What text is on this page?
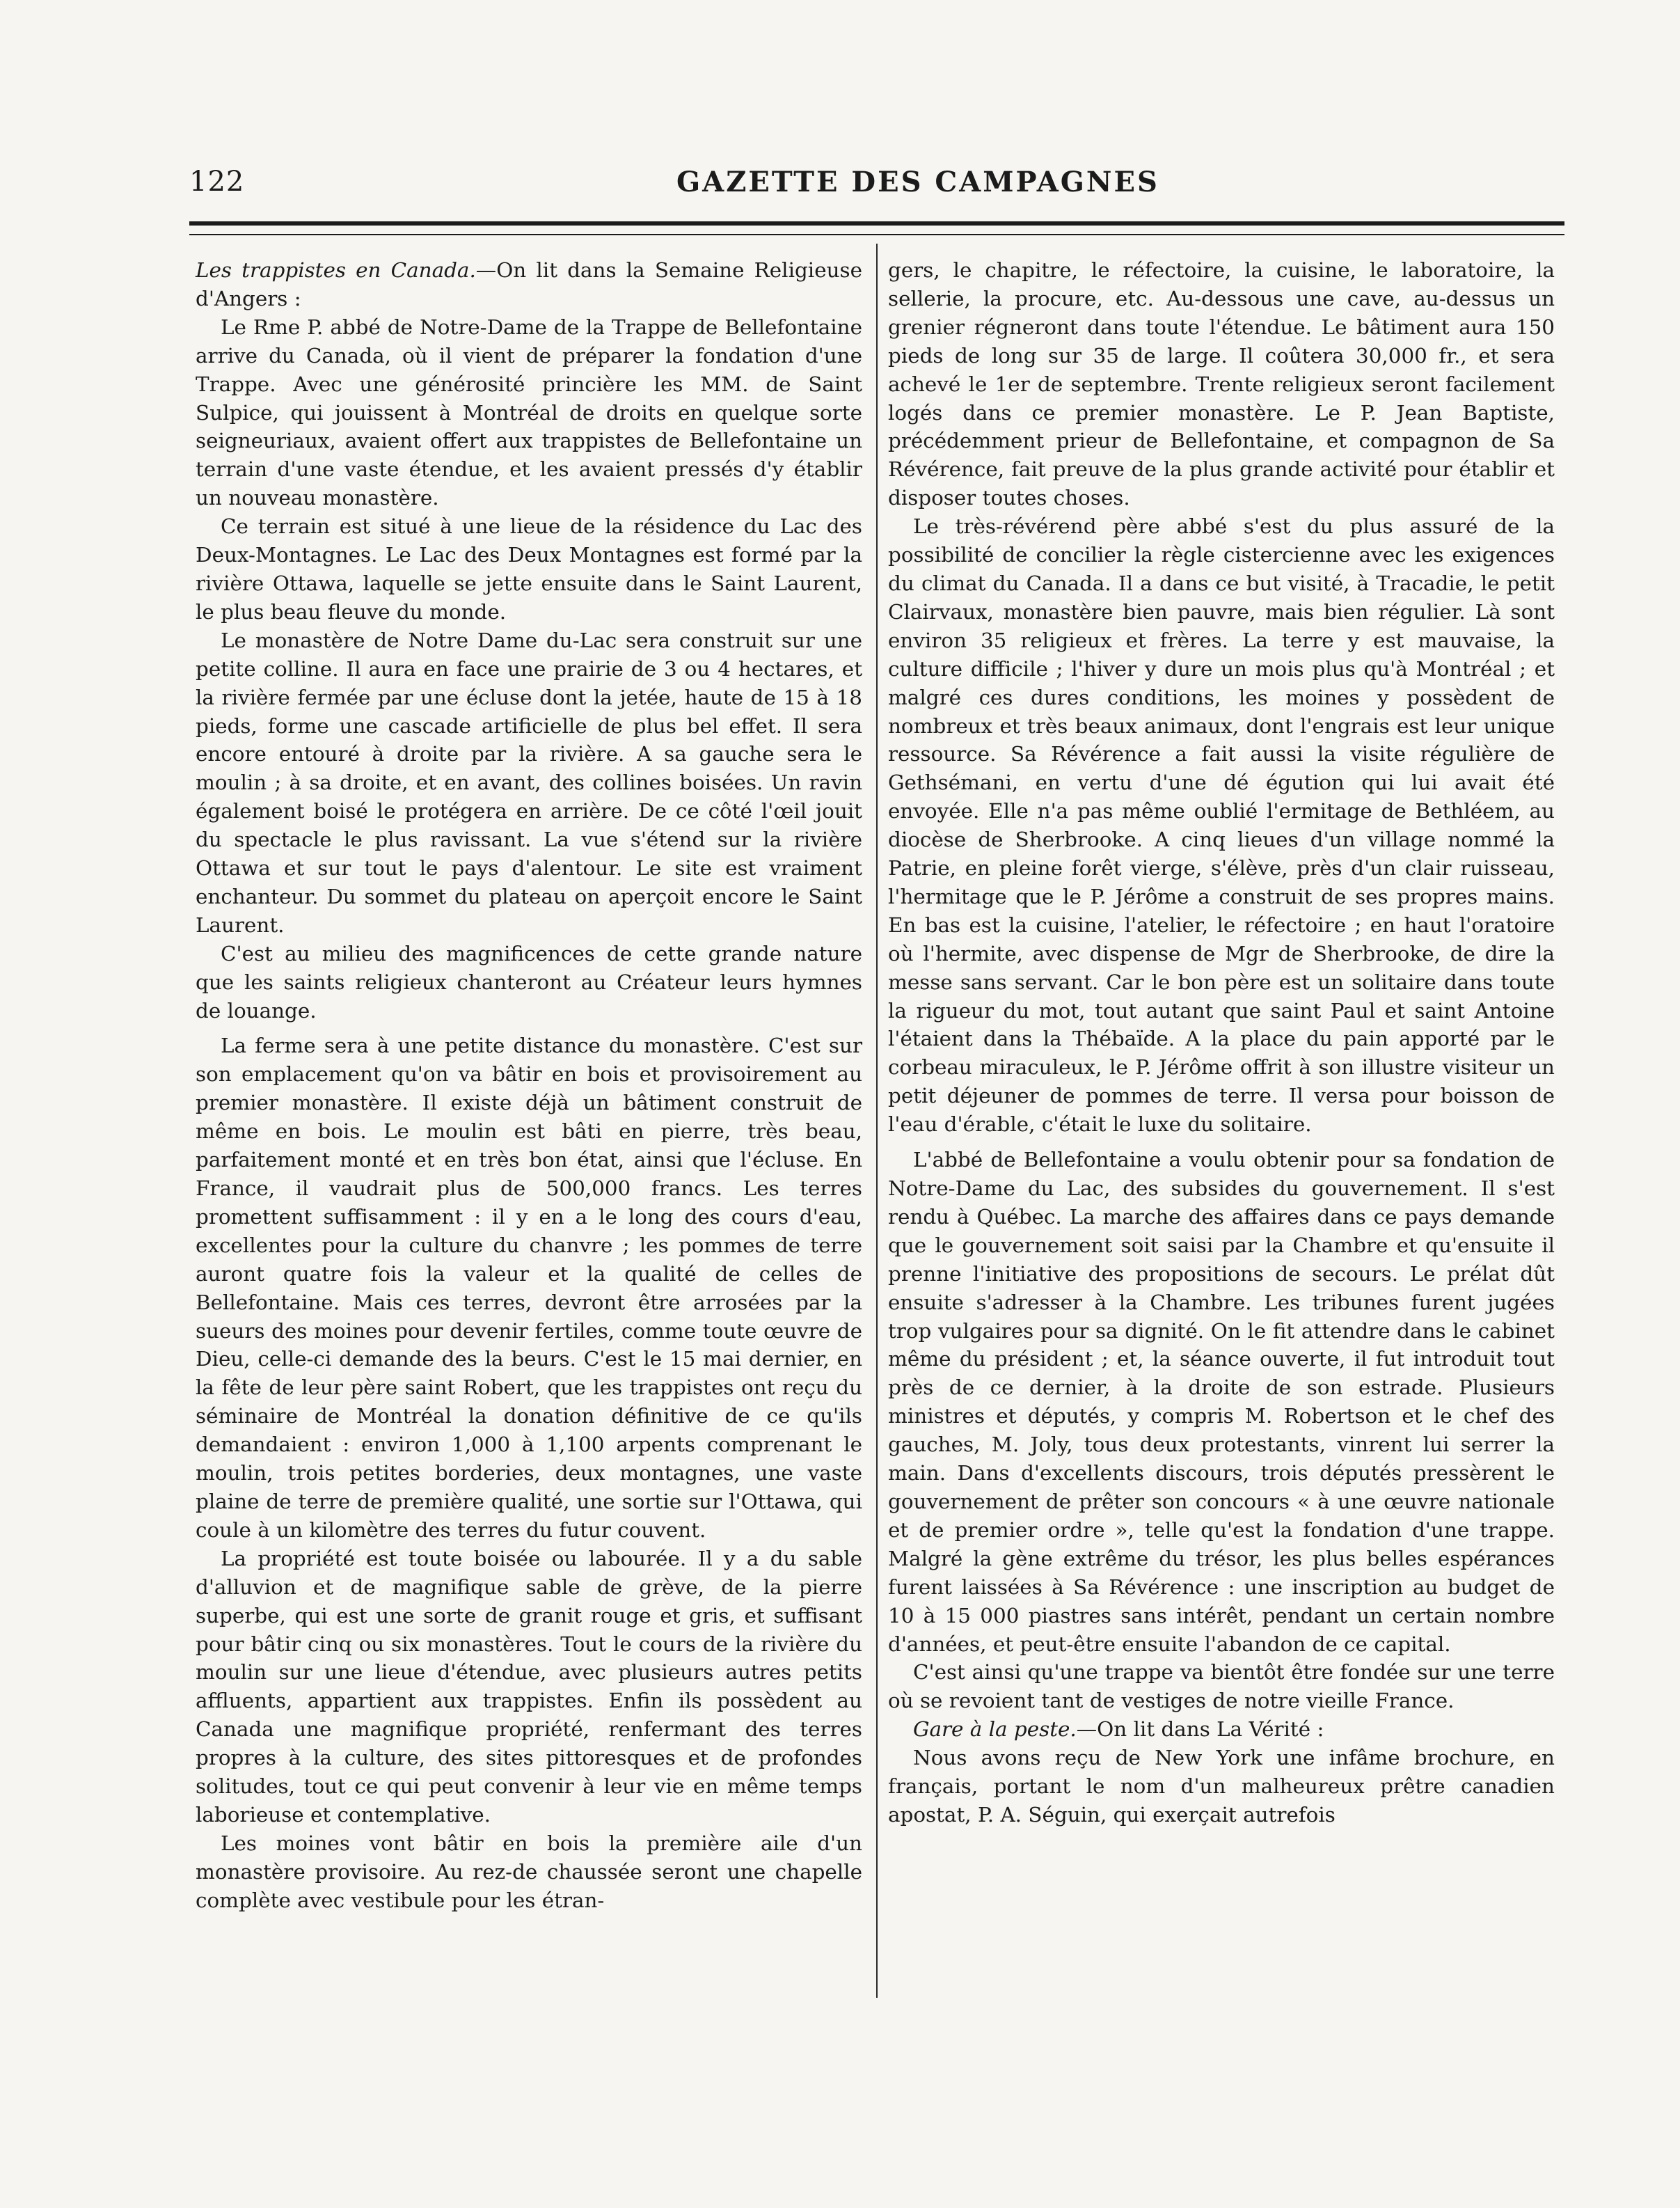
122	GAZETTE DES CAMPAGNES

Les trappistes en Canada.—On lit dans la Semaine Religieuse d'Angers :

Le Rme P. abbé de Notre-Dame de la Trappe de Bellefontaine arrive du Canada, où il vient de préparer la fondation d'une Trappe. Avec une générosité princière les MM. de Saint Sulpice, qui jouissent à Montréal de droits en quelque sorte seigneuriaux, avaient offert aux trappistes de Bellefontaine un terrain d'une vaste étendue, et les avaient pressés d'y établir un nouveau monastère.

Ce terrain est situé à une lieue de la résidence du Lac des Deux-Montagnes. Le Lac des Deux Montagnes est formé par la rivière Ottawa, laquelle se jette ensuite dans le Saint Laurent, le plus beau fleuve du monde.

Le monastère de Notre Dame du-Lac sera construit sur une petite colline. Il aura en face une prairie de 3 ou 4 hectares, et la rivière fermée par une écluse dont la jetée, haute de 15 à 18 pieds, forme une cascade artificielle de plus bel effet. Il sera encore entouré à droite par la rivière. A sa gauche sera le moulin ; à sa droite, et en avant, des collines boisées. Un ravin également boisé le protégera en arrière. De ce côté l'œil jouit du spectacle le plus ravissant. La vue s'étend sur la rivière Ottawa et sur tout le pays d'alentour. Le site est vraiment enchanteur. Du sommet du plateau on aperçoit encore le Saint Laurent.

C'est au milieu des magnificences de cette grande nature que les saints religieux chanteront au Créateur leurs hymnes de louange.

La ferme sera à une petite distance du monastère. C'est sur son emplacement qu'on va bâtir en bois et provisoirement au premier monastère. Il existe déjà un bâtiment construit de même en bois. Le moulin est bâti en pierre, très beau, parfaitement monté et en très bon état, ainsi que l'écluse. En France, il vaudrait plus de 500,000 francs. Les terres promettent suffisamment : il y en a le long des cours d'eau, excellentes pour la culture du chanvre ; les pommes de terre auront quatre fois la valeur et la qualité de celles de Bellefontaine. Mais ces terres, devront être arrosées par la sueurs des moines pour devenir fertiles, comme toute œuvre de Dieu, celle-ci demande des la beurs. C'est le 15 mai dernier, en la fête de leur père saint Robert, que les trappistes ont reçu du séminaire de Montréal la donation définitive de ce qu'ils demandaient : environ 1,000 à 1,100 arpents comprenant le moulin, trois petites borderies, deux montagnes, une vaste plaine de terre de première qualité, une sortie sur l'Ottawa, qui coule à un kilomètre des terres du futur couvent.

La propriété est toute boisée ou labourée. Il y a du sable d'alluvion et de magnifique sable de grève, de la pierre superbe, qui est une sorte de granit rouge et gris, et suffisant pour bâtir cinq ou six monastères. Tout le cours de la rivière du moulin sur une lieue d'étendue, avec plusieurs autres petits affluents, appartient aux trappistes. Enfin ils possèdent au Canada une magnifique propriété, renfermant des terres propres à la culture, des sites pittoresques et de profondes solitudes, tout ce qui peut convenir à leur vie en même temps laborieuse et contemplative.

Les moines vont bâtir en bois la première aile d'un monastère provisoire. Au rez-de chaussée seront une chapelle complète avec vestibule pour les étran-

gers, le chapitre, le réfectoire, la cuisine, le laboratoire, la sellerie, la procure, etc. Au-dessous une cave, au-dessus un grenier régneront dans toute l'étendue. Le bâtiment aura 150 pieds de long sur 35 de large. Il coûtera 30,000 fr., et sera achevé le 1er de septembre. Trente religieux seront facilement logés dans ce premier monastère. Le P. Jean Baptiste, précédemment prieur de Bellefontaine, et compagnon de Sa Révérence, fait preuve de la plus grande activité pour établir et disposer toutes choses.

Le très-révérend père abbé s'est du plus assuré de la possibilité de concilier la règle cistercienne avec les exigences du climat du Canada. Il a dans ce but visité, à Tracadie, le petit Clairvaux, monastère bien pauvre, mais bien régulier. Là sont environ 35 religieux et frères. La terre y est mauvaise, la culture difficile ; l'hiver y dure un mois plus qu'à Montréal ; et malgré ces dures conditions, les moines y possèdent de nombreux et très beaux animaux, dont l'engrais est leur unique ressource. Sa Révérence a fait aussi la visite régulière de Gethsémani, en vertu d'une dé égution qui lui avait été envoyée. Elle n'a pas même oublié l'ermitage de Bethléem, au diocèse de Sherbrooke. A cinq lieues d'un village nommé la Patrie, en pleine forêt vierge, s'élève, près d'un clair ruisseau, l'hermitage que le P. Jérôme a construit de ses propres mains. En bas est la cuisine, l'atelier, le réfectoire ; en haut l'oratoire où l'hermite, avec dispense de Mgr de Sherbrooke, de dire la messe sans servant. Car le bon père est un solitaire dans toute la rigueur du mot, tout autant que saint Paul et saint Antoine l'étaient dans la Thébaïde. A la place du pain apporté par le corbeau miraculeux, le P. Jérôme offrit à son illustre visiteur un petit déjeuner de pommes de terre. Il versa pour boisson de l'eau d'érable, c'était le luxe du solitaire.

L'abbé de Bellefontaine a voulu obtenir pour sa fondation de Notre-Dame du Lac, des subsides du gouvernement. Il s'est rendu à Québec. La marche des affaires dans ce pays demande que le gouvernement soit saisi par la Chambre et qu'ensuite il prenne l'initiative des propositions de secours. Le prélat dût ensuite s'adresser à la Chambre. Les tribunes furent jugées trop vulgaires pour sa dignité. On le fit attendre dans le cabinet même du président ; et, la séance ouverte, il fut introduit tout près de ce dernier, à la droite de son estrade. Plusieurs ministres et députés, y compris M. Robertson et le chef des gauches, M. Joly, tous deux protestants, vinrent lui serrer la main. Dans d'excellents discours, trois députés pressèrent le gouvernement de prêter son concours « à une œuvre nationale et de premier ordre », telle qu'est la fondation d'une trappe. Malgré la gène extrême du trésor, les plus belles espérances furent laissées à Sa Révérence : une inscription au budget de 10 à 15 000 piastres sans intérêt, pendant un certain nombre d'années, et peut-être ensuite l'abandon de ce capital.

C'est ainsi qu'une trappe va bientôt être fondée sur une terre où se revoient tant de vestiges de notre vieille France.

Gare à la peste.—On lit dans La Vérité :

Nous avons reçu de New York une infâme brochure, en français, portant le nom d'un malheureux prêtre canadien apostat, P. A. Séguin, qui exerçait autrefois
